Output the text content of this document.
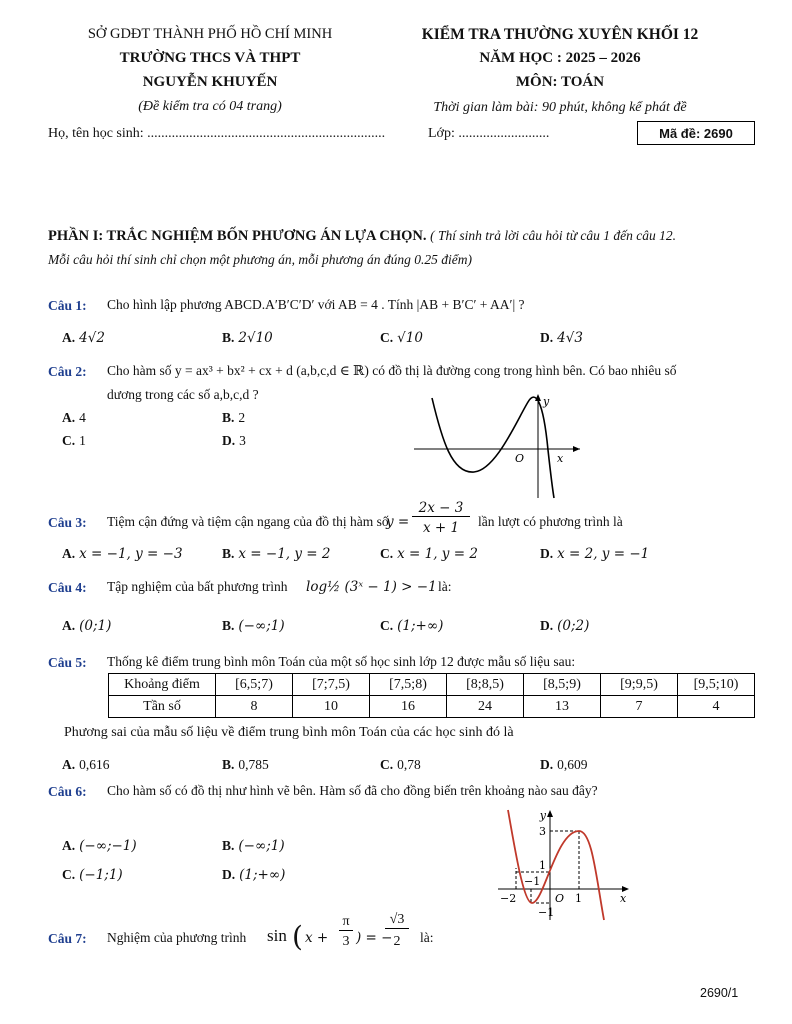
SỞ GDĐT THÀNH PHỐ HỒ CHÍ MINH
TRƯỜNG THCS VÀ THPT
NGUYỄN KHUYẾN
(Đề kiểm tra có 04 trang)
KIỂM TRA THƯỜNG XUYÊN KHỐI 12
NĂM HỌC : 2025 – 2026
MÔN: TOÁN
Thời gian làm bài: 90 phút, không kể phát đề
Họ, tên học sinh: ....................................................................	Lớp: ..........................	Mã đề: 2690
PHẦN I: TRẮC NGHIỆM BỐN PHƯƠNG ÁN LỰA CHỌN. ( Thí sinh trả lời câu hỏi từ câu 1 đến câu 12.
Mỗi câu hỏi thí sinh chỉ chọn một phương án, mỗi phương án đúng 0.25 điểm)
Câu 1: Cho hình lập phương ABCD.A′B′C′D′ với AB = 4 . Tính |AB + B′C′ + AA′| ?
A. 4√2	B. 2√10	C. √10	D. 4√3
Câu 2: Cho hàm số y = ax³ + bx² + cx + d (a,b,c,d ∈ ℝ) có đồ thị là đường cong trong hình bên. Có bao nhiêu số
dương trong các số a,b,c,d ?
A. 4	B. 2
C. 1	D. 3
y
O	x
Câu 3: Tiệm cận đứng và tiệm cận ngang của đồ thị hàm số
y =
2x − 3
x + 1	lần lượt có phương trình là
A. x = −1, y = −3	B. x = −1, y = 2	C. x = 1, y = 2	D. x = 2, y = −1
Câu 4: Tập nghiệm của bất phương trình log½ (3ˣ − 1) > −1 là:
A. (0;1)	B. (−∞;1)	C. (1;+∞)	D. (0;2)
Câu 5: Thống kê điểm trung bình môn Toán của một số học sinh lớp 12 được mẫu số liệu sau:
Khoảng điểm	[6,5;7)	[7;7,5)	[7,5;8)	[8;8,5)	[8,5;9)	[9;9,5)	[9,5;10)
Tần số	8	10	16	24	13	7	4
Phương sai của mẫu số liệu về điểm trung bình môn Toán của các học sinh đó là
A. 0,616	B. 0,785	C. 0,78	D. 0,609
Câu 6: Cho hàm số có đồ thị như hình vẽ bên. Hàm số đã cho đồng biến trên khoảng nào sau đây?
A. (−∞;−1)	B. (−∞;1)
C. (−1;1)	D. (1;+∞)
y
x
3
1
−1
−2
−1
O 1
Câu 7: Nghiệm của phương trình sin ( x +
π
3 ) = −
√3
2	là:
2690/1
